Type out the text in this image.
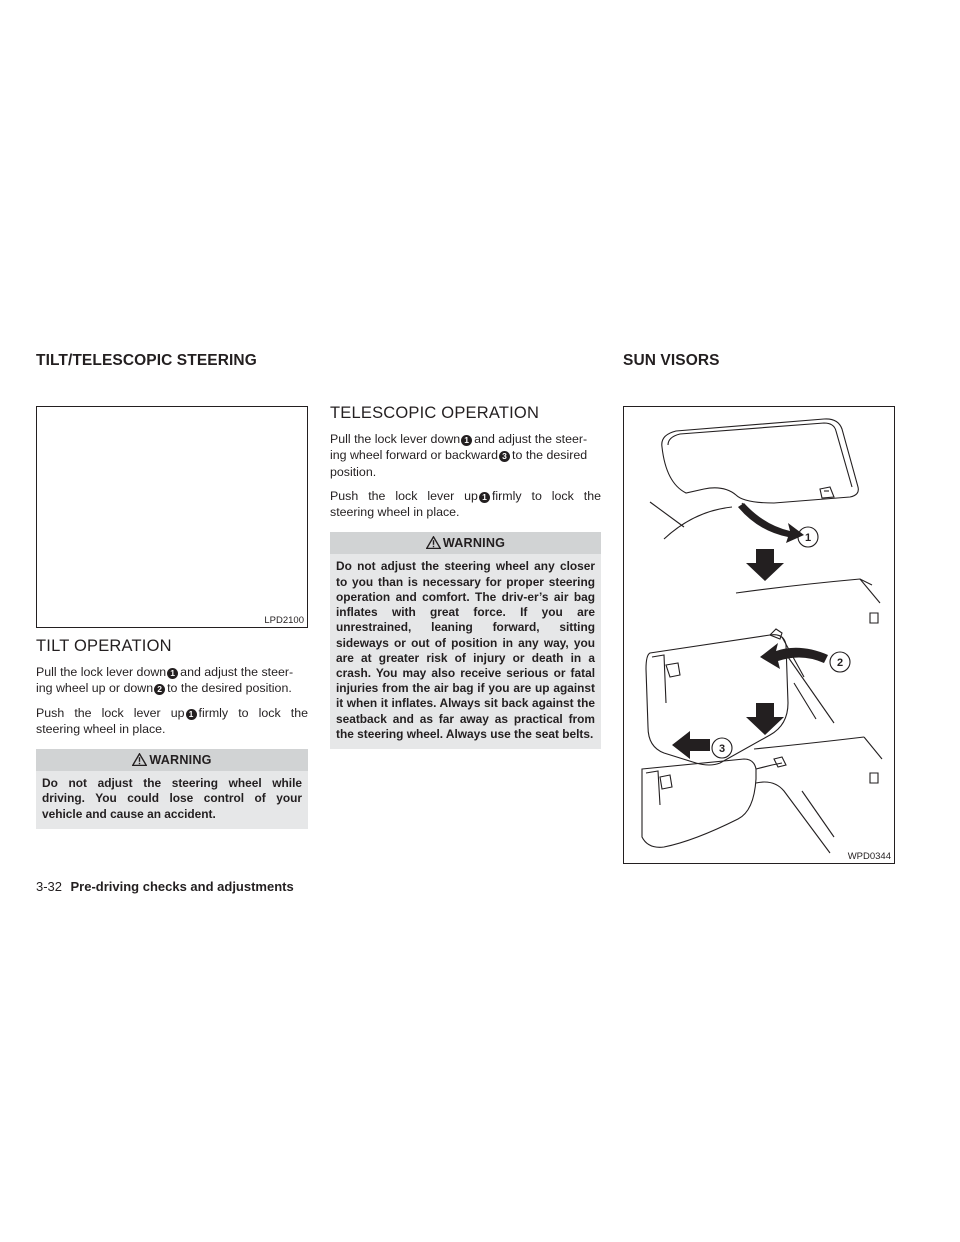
TILT/TELESCOPIC STEERING	SUN VISORS
LPD2100
TILT OPERATION

Pull the lock lever down 1 and adjust the steer-ing wheel up or down 2 to the desired position.

Push the lock lever up 1 firmly to lock the steering wheel in place.

WARNING
Do not adjust the steering wheel while driving. You could lose control of your vehicle and cause an accident.
TELESCOPIC OPERATION

Pull the lock lever down 1 and adjust the steer-ing wheel forward or backward 3 to the desired position.

Push the lock lever up 1 firmly to lock the steering wheel in place.

WARNING
Do not adjust the steering wheel any closer to you than is necessary for proper steering operation and comfort. The driv-er’s air bag inflates with great force. If you are unrestrained, leaning forward, sitting sideways or out of position in any way, you are at greater risk of injury or death in a crash. You may also receive serious or fatal injuries from the air bag if you are up against it when it inflates. Always sit back against the seatback and as far away as practical from the steering wheel. Always use the seat belts.
1
2
3
WPD0344
3-32 Pre-driving checks and adjustments
